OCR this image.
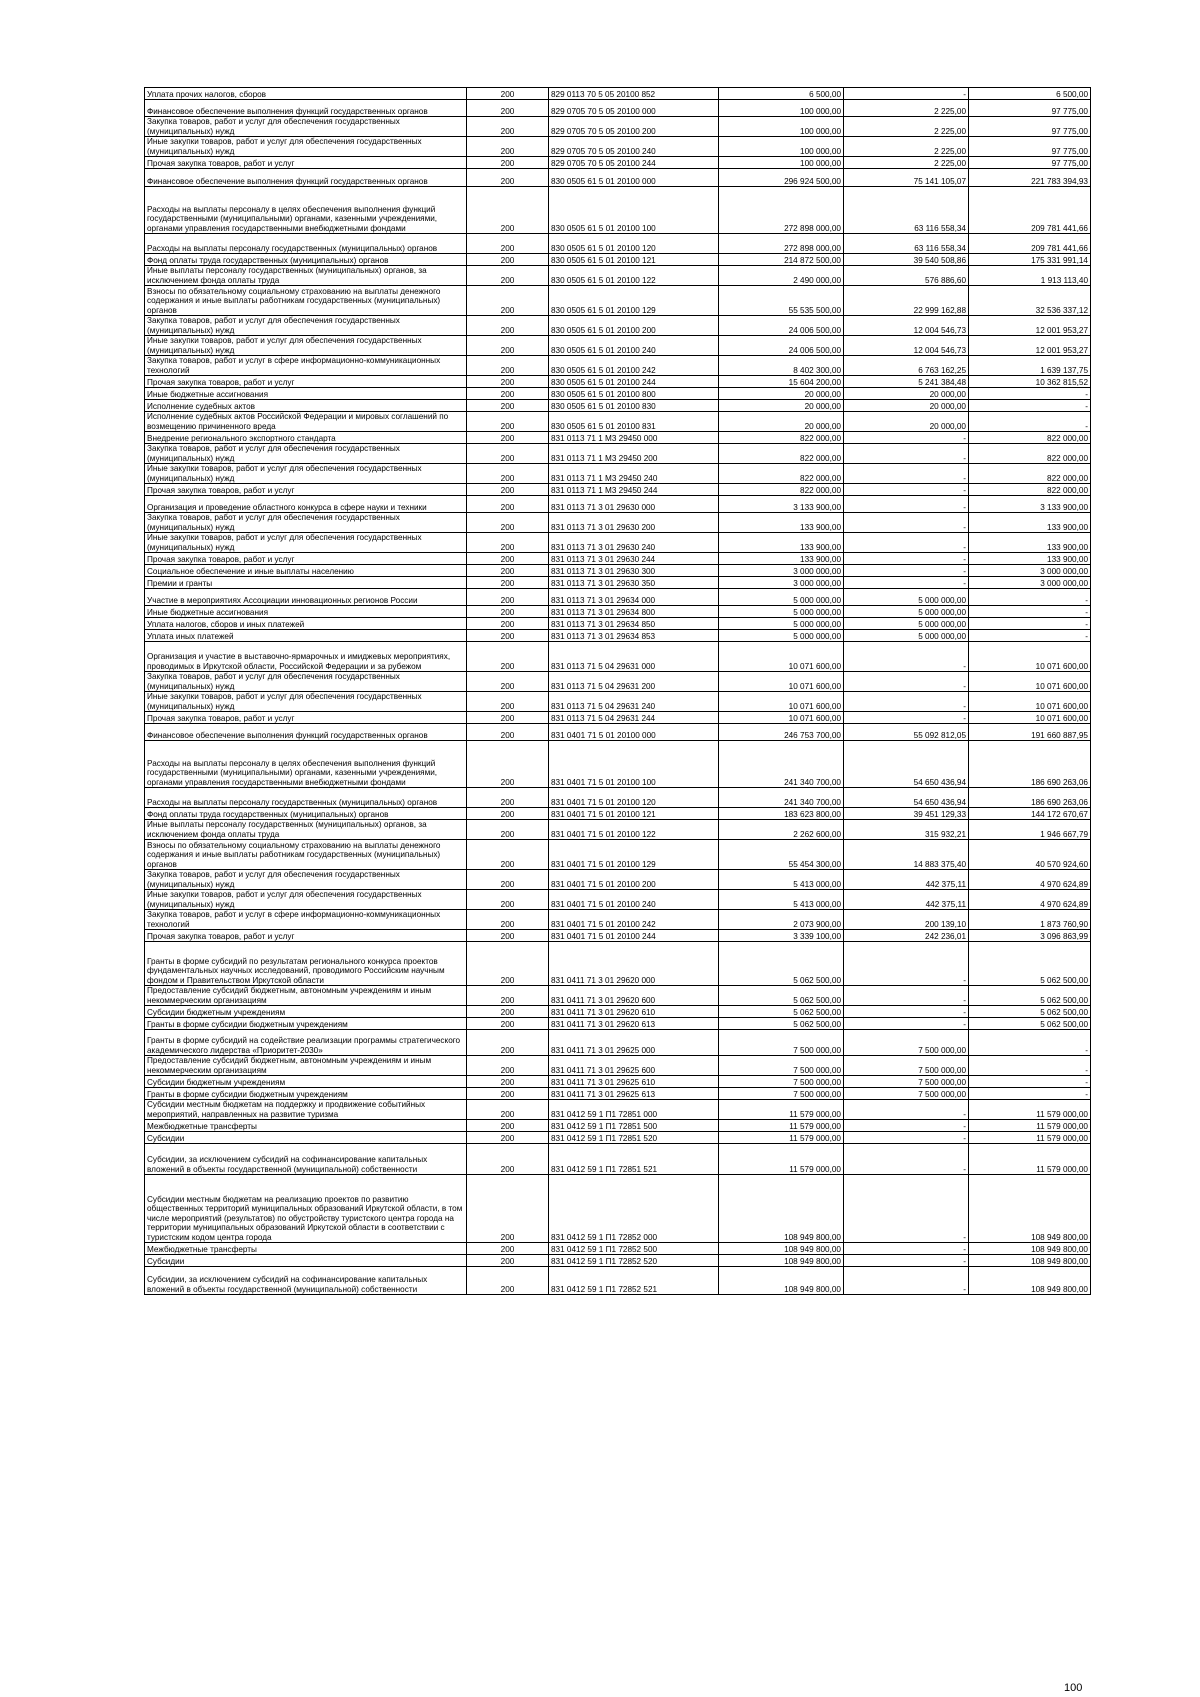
Уплата прочих налогов, сборов	200	829 0113 70 5 05 20100 852	6 500,00	-	6 500,00
Финансовое обеспечение выполнения функций государственных органов	200	829 0705 70 5 05 20100 000	100 000,00	2 225,00	97 775,00
Закупка товаров, работ и услуг для обеспечения государственных (муниципальных) нужд	200	829 0705 70 5 05 20100 200	100 000,00	2 225,00	97 775,00
Иные закупки товаров, работ и услуг для обеспечения государственных (муниципальных) нужд	200	829 0705 70 5 05 20100 240	100 000,00	2 225,00	97 775,00
Прочая закупка товаров, работ и услуг	200	829 0705 70 5 05 20100 244	100 000,00	2 225,00	97 775,00
Финансовое обеспечение выполнения функций государственных органов	200	830 0505 61 5 01 20100 000	296 924 500,00	75 141 105,07	221 783 394,93
Расходы на выплаты персоналу в целях обеспечения выполнения функций государственными (муниципальными) органами, казенными учреждениями, органами управления государственными внебюджетными фондами	200	830 0505 61 5 01 20100 100	272 898 000,00	63 116 558,34	209 781 441,66
Расходы на выплаты персоналу государственных (муниципальных) органов	200	830 0505 61 5 01 20100 120	272 898 000,00	63 116 558,34	209 781 441,66
Фонд оплаты труда государственных (муниципальных) органов	200	830 0505 61 5 01 20100 121	214 872 500,00	39 540 508,86	175 331 991,14
Иные выплаты персоналу государственных (муниципальных) органов, за исключением фонда оплаты труда	200	830 0505 61 5 01 20100 122	2 490 000,00	576 886,60	1 913 113,40
Взносы по обязательному социальному страхованию на выплаты денежного содержания и иные выплаты работникам государственных (муниципальных) органов	200	830 0505 61 5 01 20100 129	55 535 500,00	22 999 162,88	32 536 337,12
Закупка товаров, работ и услуг для обеспечения государственных (муниципальных) нужд	200	830 0505 61 5 01 20100 200	24 006 500,00	12 004 546,73	12 001 953,27
Иные закупки товаров, работ и услуг для обеспечения государственных (муниципальных) нужд	200	830 0505 61 5 01 20100 240	24 006 500,00	12 004 546,73	12 001 953,27
Закупка товаров, работ и услуг в сфере информационно-коммуникационных технологий	200	830 0505 61 5 01 20100 242	8 402 300,00	6 763 162,25	1 639 137,75
Прочая закупка товаров, работ и услуг	200	830 0505 61 5 01 20100 244	15 604 200,00	5 241 384,48	10 362 815,52
Иные бюджетные ассигнования	200	830 0505 61 5 01 20100 800	20 000,00	20 000,00	-
Исполнение судебных актов	200	830 0505 61 5 01 20100 830	20 000,00	20 000,00	-
Исполнение судебных актов Российской Федерации и мировых соглашений по возмещению причиненного вреда	200	830 0505 61 5 01 20100 831	20 000,00	20 000,00	-
Внедрение регионального экспортного стандарта	200	831 0113 71 1 М3 29450 000	822 000,00	-	822 000,00
Закупка товаров, работ и услуг для обеспечения государственных (муниципальных) нужд	200	831 0113 71 1 М3 29450 200	822 000,00	-	822 000,00
Иные закупки товаров, работ и услуг для обеспечения государственных (муниципальных) нужд	200	831 0113 71 1 М3 29450 240	822 000,00	-	822 000,00
Прочая закупка товаров, работ и услуг	200	831 0113 71 1 М3 29450 244	822 000,00	-	822 000,00
Организация и проведение областного конкурса в сфере науки и техники	200	831 0113 71 3 01 29630 000	3 133 900,00	-	3 133 900,00
Закупка товаров, работ и услуг для обеспечения государственных (муниципальных) нужд	200	831 0113 71 3 01 29630 200	133 900,00	-	133 900,00
Иные закупки товаров, работ и услуг для обеспечения государственных (муниципальных) нужд	200	831 0113 71 3 01 29630 240	133 900,00	-	133 900,00
Прочая закупка товаров, работ и услуг	200	831 0113 71 3 01 29630 244	133 900,00	-	133 900,00
Социальное обеспечение и иные выплаты населению	200	831 0113 71 3 01 29630 300	3 000 000,00	-	3 000 000,00
Премии и гранты	200	831 0113 71 3 01 29630 350	3 000 000,00	-	3 000 000,00
Участие в мероприятиях Ассоциации инновационных регионов России	200	831 0113 71 3 01 29634 000	5 000 000,00	5 000 000,00	-
Иные бюджетные ассигнования	200	831 0113 71 3 01 29634 800	5 000 000,00	5 000 000,00	-
Уплата налогов, сборов и иных платежей	200	831 0113 71 3 01 29634 850	5 000 000,00	5 000 000,00	-
Уплата иных платежей	200	831 0113 71 3 01 29634 853	5 000 000,00	5 000 000,00	-
Организация и участие в выставочно-ярмарочных и имиджевых мероприятиях, проводимых в Иркутской области, Российской Федерации и за рубежом	200	831 0113 71 5 04 29631 000	10 071 600,00	-	10 071 600,00
Закупка товаров, работ и услуг для обеспечения государственных (муниципальных) нужд	200	831 0113 71 5 04 29631 200	10 071 600,00	-	10 071 600,00
Иные закупки товаров, работ и услуг для обеспечения государственных (муниципальных) нужд	200	831 0113 71 5 04 29631 240	10 071 600,00	-	10 071 600,00
Прочая закупка товаров, работ и услуг	200	831 0113 71 5 04 29631 244	10 071 600,00	-	10 071 600,00
Финансовое обеспечение выполнения функций государственных органов	200	831 0401 71 5 01 20100 000	246 753 700,00	55 092 812,05	191 660 887,95
Расходы на выплаты персоналу в целях обеспечения выполнения функций государственными (муниципальными) органами, казенными учреждениями, органами управления государственными внебюджетными фондами	200	831 0401 71 5 01 20100 100	241 340 700,00	54 650 436,94	186 690 263,06
Расходы на выплаты персоналу государственных (муниципальных) органов	200	831 0401 71 5 01 20100 120	241 340 700,00	54 650 436,94	186 690 263,06
Фонд оплаты труда государственных (муниципальных) органов	200	831 0401 71 5 01 20100 121	183 623 800,00	39 451 129,33	144 172 670,67
Иные выплаты персоналу государственных (муниципальных) органов, за исключением фонда оплаты труда	200	831 0401 71 5 01 20100 122	2 262 600,00	315 932,21	1 946 667,79
Взносы по обязательному социальному страхованию на выплаты денежного содержания и иные выплаты работникам государственных (муниципальных) органов	200	831 0401 71 5 01 20100 129	55 454 300,00	14 883 375,40	40 570 924,60
Закупка товаров, работ и услуг для обеспечения государственных (муниципальных) нужд	200	831 0401 71 5 01 20100 200	5 413 000,00	442 375,11	4 970 624,89
Иные закупки товаров, работ и услуг для обеспечения государственных (муниципальных) нужд	200	831 0401 71 5 01 20100 240	5 413 000,00	442 375,11	4 970 624,89
Закупка товаров, работ и услуг в сфере информационно-коммуникационных технологий	200	831 0401 71 5 01 20100 242	2 073 900,00	200 139,10	1 873 760,90
Прочая закупка товаров, работ и услуг	200	831 0401 71 5 01 20100 244	3 339 100,00	242 236,01	3 096 863,99
Гранты в форме субсидий по результатам регионального конкурса проектов фундаментальных научных исследований, проводимого Российским научным фондом и Правительством Иркутской области	200	831 0411 71 3 01 29620 000	5 062 500,00	-	5 062 500,00
Предоставление субсидий бюджетным, автономным учреждениям и иным некоммерческим организациям	200	831 0411 71 3 01 29620 600	5 062 500,00	-	5 062 500,00
Субсидии бюджетным учреждениям	200	831 0411 71 3 01 29620 610	5 062 500,00	-	5 062 500,00
Гранты в форме субсидии бюджетным учреждениям	200	831 0411 71 3 01 29620 613	5 062 500,00	-	5 062 500,00
Гранты в форме субсидий на содействие реализации программы стратегического академического лидерства «Приоритет-2030»	200	831 0411 71 3 01 29625 000	7 500 000,00	7 500 000,00	-
Предоставление субсидий бюджетным, автономным учреждениям и иным некоммерческим организациям	200	831 0411 71 3 01 29625 600	7 500 000,00	7 500 000,00	-
Субсидии бюджетным учреждениям	200	831 0411 71 3 01 29625 610	7 500 000,00	7 500 000,00	-
Гранты в форме субсидии бюджетным учреждениям	200	831 0411 71 3 01 29625 613	7 500 000,00	7 500 000,00	-
Субсидии местным бюджетам на поддержку и продвижение событийных мероприятий, направленных на развитие туризма	200	831 0412 59 1 П1 72851 000	11 579 000,00	-	11 579 000,00
Межбюджетные трансферты	200	831 0412 59 1 П1 72851 500	11 579 000,00	-	11 579 000,00
Субсидии	200	831 0412 59 1 П1 72851 520	11 579 000,00	-	11 579 000,00
Субсидии, за исключением субсидий на софинансирование капитальных вложений в объекты государственной (муниципальной) собственности	200	831 0412 59 1 П1 72851 521	11 579 000,00	-	11 579 000,00
Субсидии местным бюджетам на реализацию проектов по развитию общественных территорий муниципальных образований Иркутской области, в том числе мероприятий (результатов) по обустройству туристского центра города на территории муниципальных образований Иркутской области в соответствии с туристским кодом центра города	200	831 0412 59 1 П1 72852 000	108 949 800,00	-	108 949 800,00
Межбюджетные трансферты	200	831 0412 59 1 П1 72852 500	108 949 800,00	-	108 949 800,00
Субсидии	200	831 0412 59 1 П1 72852 520	108 949 800,00	-	108 949 800,00
Субсидии, за исключением субсидий на софинансирование капитальных вложений в объекты государственной (муниципальной) собственности	200	831 0412 59 1 П1 72852 521	108 949 800,00	-	108 949 800,00
100
